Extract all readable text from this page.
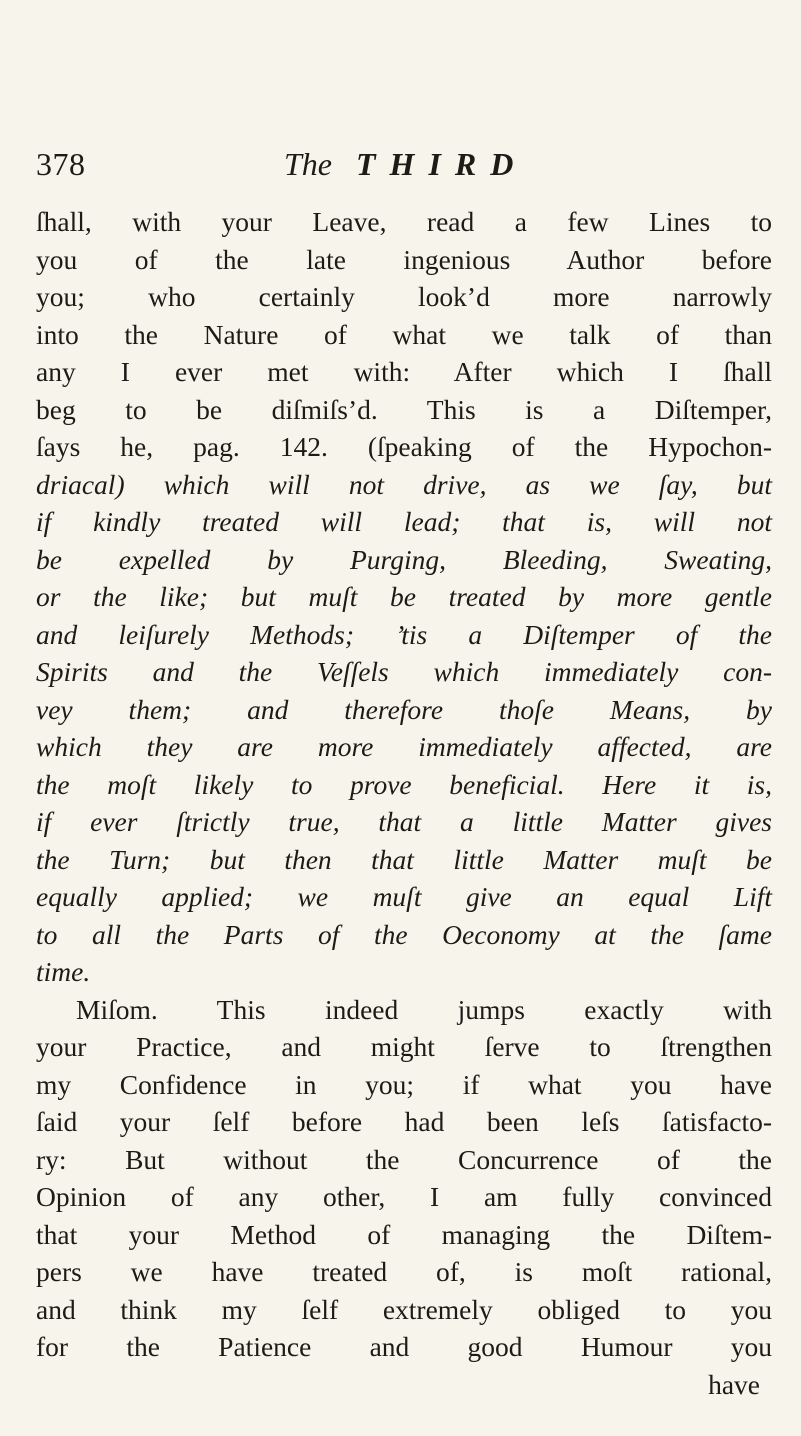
378	The THIRD
ſhall, with your Leave, read a few Lines to
you of the late ingenious Author before
you; who certainly look’d more narrowly
into the Nature of what we talk of than
any I ever met with: After which I ſhall
beg to be diſmiſs’d. This is a Diſtemper,
ſays he, pag. 142. (ſpeaking of the Hypochon-
driacal) which will not drive, as we ſay, but
if kindly treated will lead; that is, will not
be expelled by Purging, Bleeding, Sweating,
or the like; but muſt be treated by more gentle
and leiſurely Methods; ’tis a Diſtemper of the
Spirits and the Veſſels which immediately con-
vey them; and therefore thoſe Means, by
which they are more immediately affected, are
the moſt likely to prove beneficial. Here it is,
if ever ſtrictly true, that a little Matter gives
the Turn; but then that little Matter muſt be
equally applied; we muſt give an equal Lift
to all the Parts of the Oeconomy at the ſame
time.
Miſom. This indeed jumps exactly with
your Practice, and might ſerve to ſtrengthen
my Confidence in you; if what you have
ſaid your ſelf before had been leſs ſatisfacto-
ry: But without the Concurrence of the
Opinion of any other, I am fully convinced
that your Method of managing the Diſtem-
pers we have treated of, is moſt rational,
and think my ſelf extremely obliged to you
for the Patience and good Humour you
have
